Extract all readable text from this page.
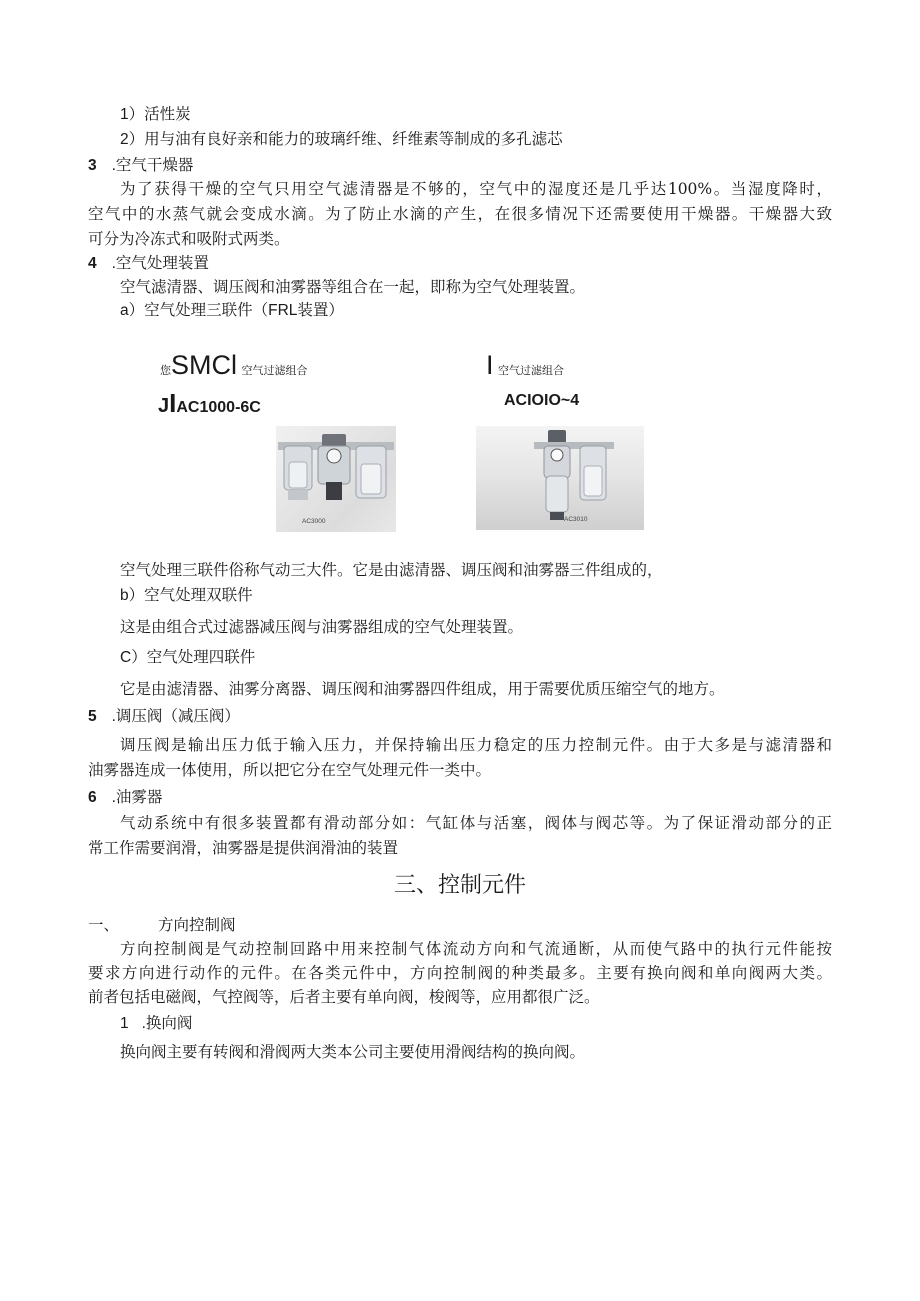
1）活性炭
2）用与油有良好亲和能力的玻璃纤维、纤维素等制成的多孔滤芯
3 .空气干燥器
为了获得干燥的空气只用空气滤清器是不够的，空气中的湿度还是几乎达100%。当湿度降时，
空气中的水蒸气就会变成水滴。为了防止水滴的产生，在很多情况下还需要使用干燥器。干燥器大致
可分为冷冻式和吸附式两类。
4 .空气处理装置
空气滤清器、调压阀和油雾器等组合在一起，即称为空气处理装置。
a）空气处理三联件（FRL装置）
您SMCl 空气过滤组合
JIAC1000-6C
I 空气过滤组合
ACIOIO~4
AC3000	AC3010
空气处理三联件俗称气动三大件。它是由滤清器、调压阀和油雾器三件组成的，
b）空气处理双联件
这是由组合式过滤器减压阀与油雾器组成的空气处理装置。
C）空气处理四联件
它是由滤清器、油雾分离器、调压阀和油雾器四件组成，用于需要优质压缩空气的地方。
5 .调压阀（减压阀）
调压阀是输出压力低于输入压力，并保持输出压力稳定的压力控制元件。由于大多是与滤清器和
油雾器连成一体使用，所以把它分在空气处理元件一类中。
6 .油雾器
气动系统中有很多装置都有滑动部分如：气缸体与活塞，阀体与阀芯等。为了保证滑动部分的正
常工作需要润滑，油雾器是提供润滑油的装置
三、控制元件
一、	方向控制阀
方向控制阀是气动控制回路中用来控制气体流动方向和气流通断，从而使气路中的执行元件能按
要求方向进行动作的元件。在各类元件中，方向控制阀的种类最多。主要有换向阀和单向阀两大类。
前者包括电磁阀，气控阀等，后者主要有单向阀，梭阀等，应用都很广泛。
1 .换向阀
换向阀主要有转阀和滑阀两大类本公司主要使用滑阀结构的换向阀。
